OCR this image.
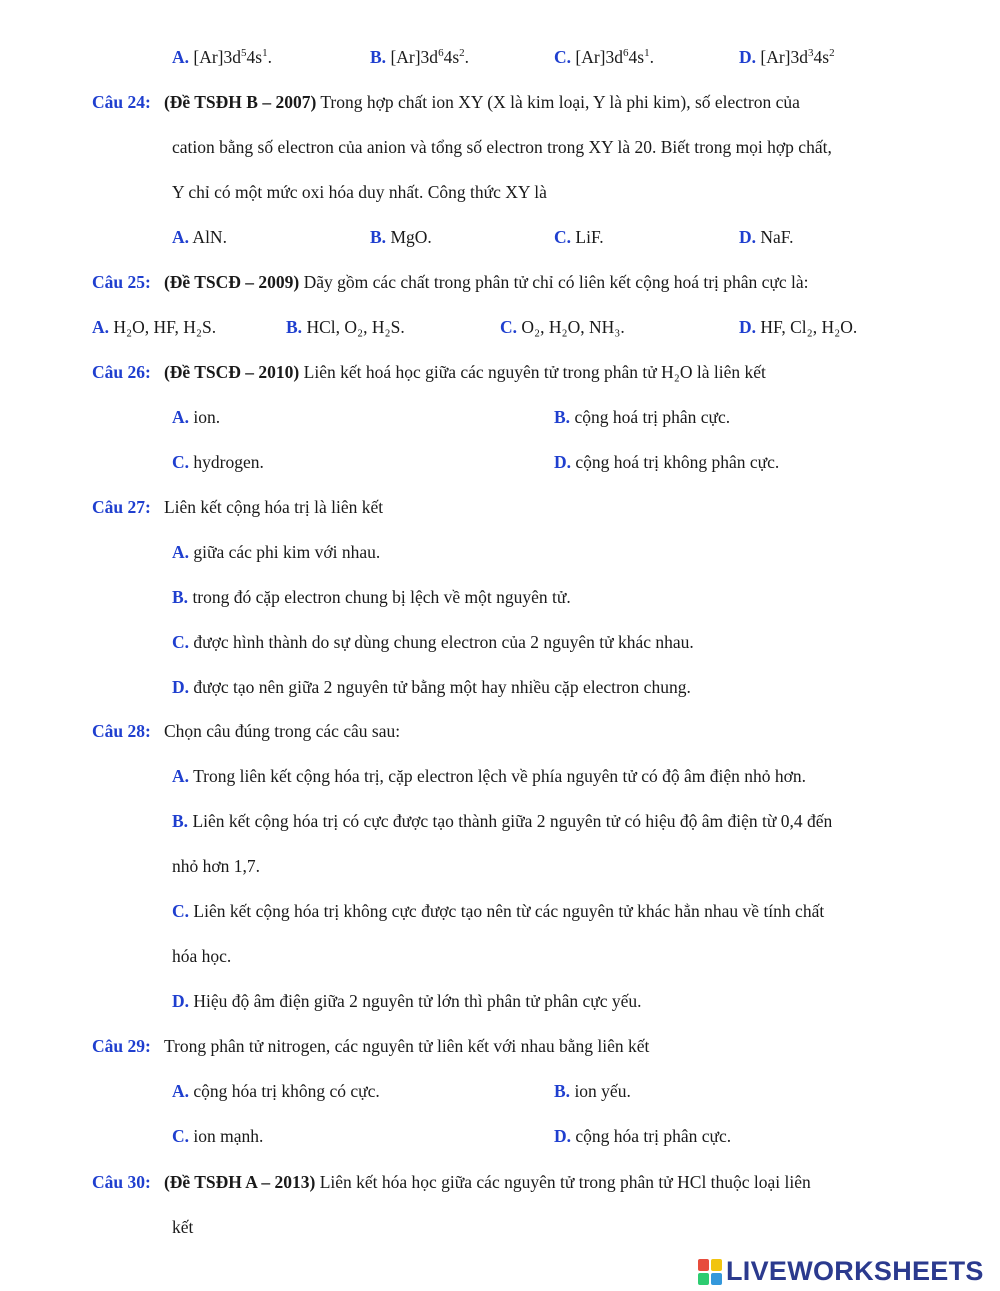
A. $[Ar]3d^54s^1$.	B. $[Ar]3d^64s^2$.	C. $[Ar]3d^64s^1$.	D. $[Ar]3d^34s^2$
Câu 24: (Đề TSĐH B – 2007) Trong hợp chất ion XY (X là kim loại, Y là phi kim), số electron của
cation bằng số electron của anion và tổng số electron trong XY là 20. Biết trong mọi hợp chất,
Y chỉ có một mức oxi hóa duy nhất. Công thức XY là
A. AlN.	B. MgO.	C. LiF.	D. NaF.
Câu 25: (Đề TSCĐ – 2009) Dãy gồm các chất trong phân tử chỉ có liên kết cộng hoá trị phân cực là:
A. H₂O, HF, H₂S.	B. HCl, O₂, H₂S.	C. O₂, H₂O, NH₃.	D. HF, Cl₂, H₂O.
Câu 26: (Đề TSCĐ – 2010) Liên kết hoá học giữa các nguyên tử trong phân tử H₂O là liên kết
A. ion.	B. cộng hoá trị phân cực.
C. hydrogen.	D. cộng hoá trị không phân cực.
Câu 27: Liên kết cộng hóa trị là liên kết
A. giữa các phi kim với nhau.
B. trong đó cặp electron chung bị lệch về một nguyên tử.
C. được hình thành do sự dùng chung electron của 2 nguyên tử khác nhau.
D. được tạo nên giữa 2 nguyên tử bằng một hay nhiều cặp electron chung.
Câu 28: Chọn câu đúng trong các câu sau:
A. Trong liên kết cộng hóa trị, cặp electron lệch về phía nguyên tử có độ âm điện nhỏ hơn.
B. Liên kết cộng hóa trị có cực được tạo thành giữa 2 nguyên tử có hiệu độ âm điện từ 0,4 đến
nhỏ hơn 1,7.
C. Liên kết cộng hóa trị không cực được tạo nên từ các nguyên tử khác hẳn nhau về tính chất
hóa học.
D. Hiệu độ âm điện giữa 2 nguyên tử lớn thì phân tử phân cực yếu.
Câu 29: Trong phân tử nitrogen, các nguyên tử liên kết với nhau bằng liên kết
A. cộng hóa trị không có cực.	B. ion yếu.
C. ion mạnh.	D. cộng hóa trị phân cực.
Câu 30: (Đề TSĐH A – 2013) Liên kết hóa học giữa các nguyên tử trong phân tử HCl thuộc loại liên
kết
LIVEWORKSHEETS
